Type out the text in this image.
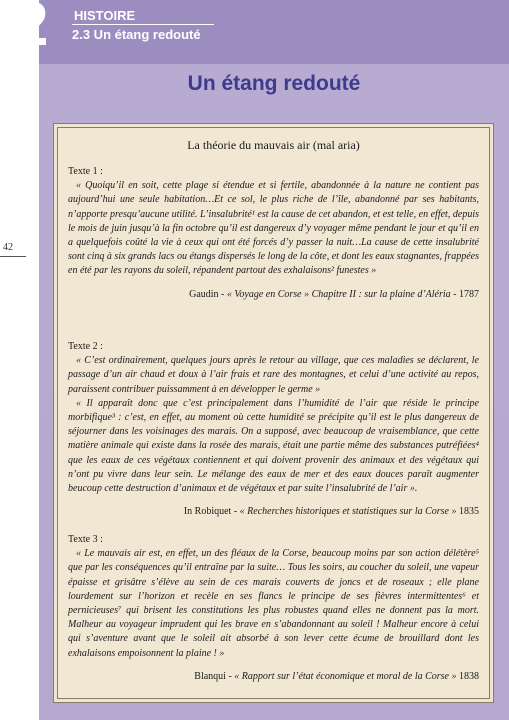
2 HISTOIRE
2.3 Un étang redouté
Un étang redouté
42
La théorie du mauvais air (mal aria)
Texte 1 :

« Quoiqu’il en soit, cette plage si étendue et si fertile, abandonnée à la nature ne contient pas aujourd’hui une seule habitation…Et ce sol, le plus riche de l’île, abandonné par ses habitants, n’apporte presqu’aucune utilité. L’insalubrité¹ est la cause de cet abandon, et est telle, en effet, depuis le mois de juin jusqu’à la fin octobre qu’il est dangereux d’y voyager même pendant le jour et qu’il en a quelquefois coûté la vie à ceux qui ont été forcés d’y passer la nuit…La cause de cette insalubrité sont cinq à six grands lacs ou étangs dispersés le long de la côte, et dont les eaux stagnantes, frappées en été par les rayons du soleil, répandent partout des exhalaisons² funestes »

Gaudin - « Voyage en Corse » Chapitre II : sur la plaine d’Aléria - 1787
Texte 2 :

« C’est ordinairement, quelques jours après le retour au village, que ces maladies se déclarent, le passage d’un air chaud et doux à l’air frais et rare des montagnes, et celui d’une activité au repos, paraissent contribuer puissamment à en développer le germe »

« Il apparaît donc que c’est principalement dans l’humidité de l’air que réside le principe morbifique³ : c’est, en effet, au moment où cette humidité se précipite qu’il est le plus dangereux de séjourner dans les voisinages des marais. On a supposé, avec beaucoup de vraisemblance, que cette matière animale qui existe dans la rosée des marais, était une partie même des substances putréfiées⁴ que les eaux de ces végétaux contiennent et qui doivent provenir des animaux et des végétaux qui n’ont pu vivre dans leur sein. Le mélange des eaux de mer et des eaux douces paraît augmenter beucoup cette destruction d’animaux et de végétaux et par suite l’insalubrité de l’air ».

In Robiquet - « Recherches historiques et statistiques sur la Corse » 1835
Texte 3 :

« Le mauvais air est, en effet, un des fléaux de la Corse, beaucoup moins par son action délétère⁵ que par les conséquences qu’il entraîne par la suite… Tous les soirs, au coucher du soleil, une vapeur épaisse et grisâtre s’élève au sein de ces marais couverts de joncs et de roseaux ; elle plane lourdement sur l’horizon et recèle en ses flancs le principe de ses fièvres intermittentes⁶ et pernicieuses⁷ qui brisent les constitutions les plus robustes quand elles ne donnent pas la mort. Malheur au voyageur imprudent qui les brave en s’abandonnant au soleil ! Malheur encore à celui qui s’aventure avant que le soleil ait absorbé à son lever cette écume de brouillard dont les exhalaisons empoisonnent la plaine ! »

Blanqui - « Rapport sur l’état économique et moral de la Corse » 1838
